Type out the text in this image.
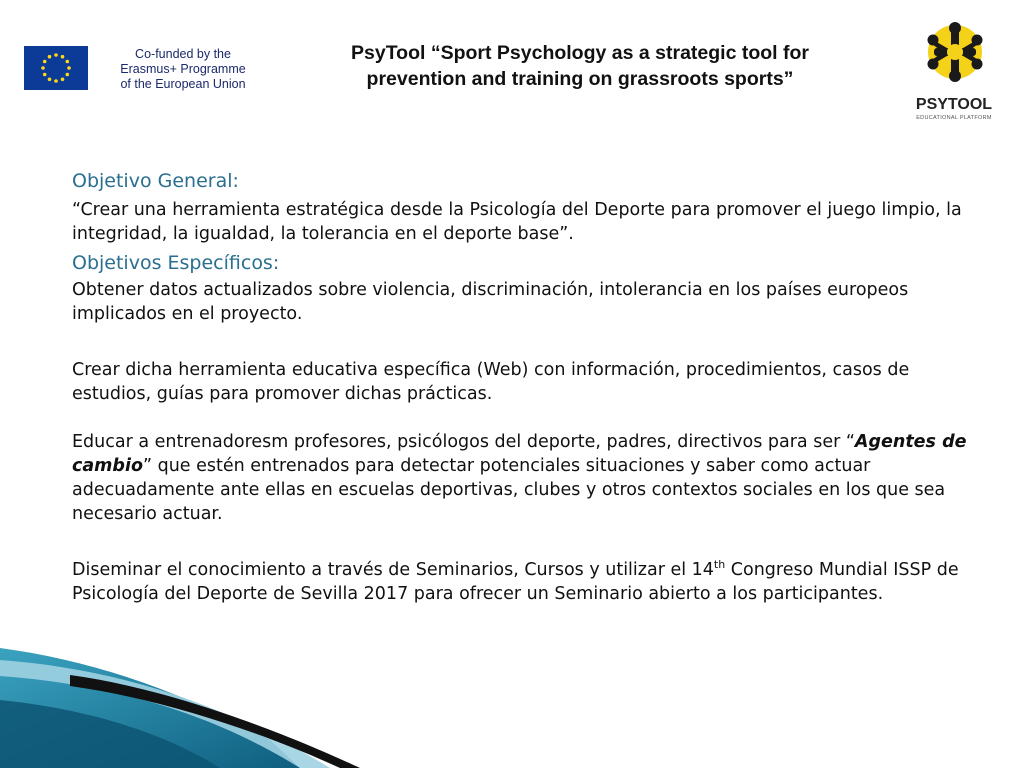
Co-funded by the
Erasmus+ Programme
of the European Union
PsyTool “Sport Psychology as a strategic tool for
prevention and training on grassroots sports”
PSYTOOL
EDUCATIONAL PLATFORM

Objetivo General:

“Crear una herramienta estratégica desde la Psicología del Deporte para promover el juego limpio, la integridad, la igualdad, la tolerancia en el deporte base”.

Objetivos Específicos:

Obtener datos actualizados sobre violencia, discriminación, intolerancia en los países europeos implicados en el proyecto.

Crear dicha herramienta educativa específica (Web) con información, procedimientos, casos de estudios, guías para promover dichas prácticas.

Educar a entrenadoresm profesores, psicólogos del deporte, padres, directivos para ser “Agentes de cambio” que estén entrenados para detectar potenciales situaciones y saber como actuar adecuadamente ante ellas en escuelas deportivas, clubes y otros contextos sociales en los que sea necesario actuar.

Diseminar el conocimiento a través de Seminarios, Cursos y utilizar el 14th Congreso Mundial ISSP de Psicología del Deporte de Sevilla 2017 para ofrecer un Seminario abierto a los participantes.
